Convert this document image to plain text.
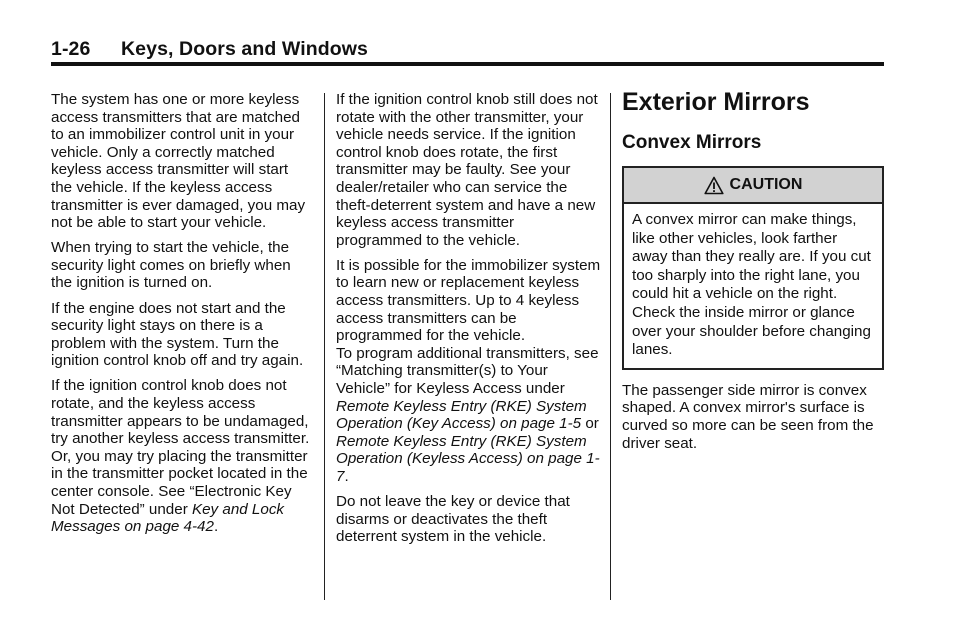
1-26 Keys, Doors and Windows

The system has one or more keyless access transmitters that are matched to an immobilizer control unit in your vehicle. Only a correctly matched keyless access transmitter will start the vehicle. If the keyless access transmitter is ever damaged, you may not be able to start your vehicle.

When trying to start the vehicle, the security light comes on briefly when the ignition is turned on.

If the engine does not start and the security light stays on there is a problem with the system. Turn the ignition control knob off and try again.

If the ignition control knob does not rotate, and the keyless access transmitter appears to be undamaged, try another keyless access transmitter. Or, you may try placing the transmitter in the transmitter pocket located in the center console. See “Electronic Key Not Detected” under Key and Lock Messages on page 4-42.

If the ignition control knob still does not rotate with the other transmitter, your vehicle needs service. If the ignition control knob does rotate, the first transmitter may be faulty. See your dealer/retailer who can service the theft-deterrent system and have a new keyless access transmitter programmed to the vehicle.

It is possible for the immobilizer system to learn new or replacement keyless access transmitters. Up to 4 keyless access transmitters can be programmed for the vehicle.

To program additional transmitters, see “Matching transmitter(s) to Your Vehicle” for Keyless Access under Remote Keyless Entry (RKE) System Operation (Key Access) on page 1-5 or Remote Keyless Entry (RKE) System Operation (Keyless Access) on page 1-7.

Do not leave the key or device that disarms or deactivates the theft deterrent system in the vehicle.

Exterior Mirrors
Convex Mirrors
CAUTION
A convex mirror can make things, like other vehicles, look farther away than they really are. If you cut too sharply into the right lane, you could hit a vehicle on the right. Check the inside mirror or glance over your shoulder before changing lanes.

The passenger side mirror is convex shaped. A convex mirror's surface is curved so more can be seen from the driver seat.
